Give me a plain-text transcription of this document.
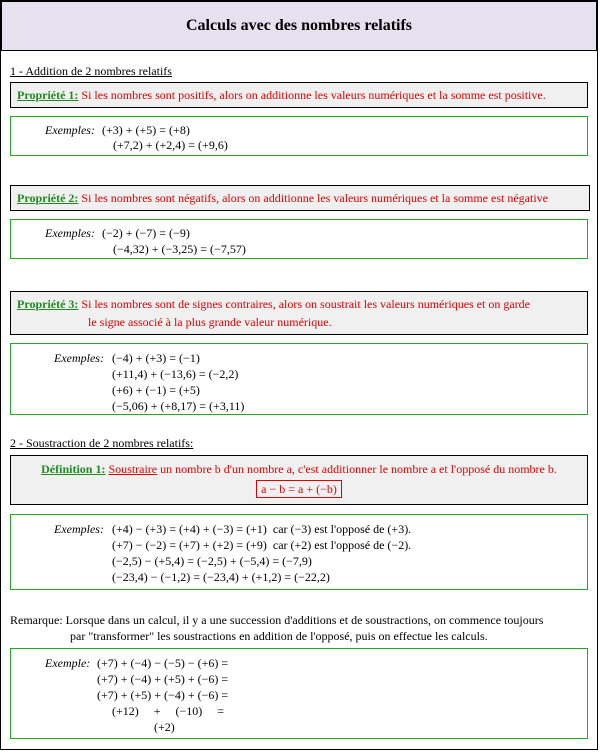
Calculs avec des nombres relatifs
1 - Addition de 2 nombres relatifs
Propriété 1: Si les nombres sont positifs, alors on additionne les valeurs numériques et la somme est positive.
Exemples: (+3) + (+5) = (+8)
(+7,2) + (+2,4) = (+9,6)
Propriété 2: Si les nombres sont négatifs, alors on additionne les valeurs numériques et la somme est négative
Exemples: (−2) + (−7) = (−9)
(−4,32) + (−3,25) = (−7,57)
Propriété 3: Si les nombres sont de signes contraires, alors on soustrait les valeurs numériques et on garde
le signe associé à la plus grande valeur numérique.
Exemples: (−4) + (+3) = (−1)
(+11,4) + (−13,6) = (−2,2)
(+6) + (−1) = (+5)
(−5,06) + (+8,17) = (+3,11)
2 - Soustraction de 2 nombres relatifs:
Définition 1: Soustraire un nombre b d'un nombre a, c'est additionner le nombre a et l'opposé du nombre b.
a − b = a + (−b)
Exemples: (+4) − (+3) = (+4) + (−3) = (+1)  car (−3) est l'opposé de (+3).
(+7) − (−2) = (+7) + (+2) = (+9)  car (+2) est l'opposé de (−2).
(−2,5) − (+5,4) = (−2,5) + (−5,4) = (−7,9)
(−23,4) − (−1,2) = (−23,4) + (+1,2) = (−22,2)
Remarque: Lorsque dans un calcul, il y a une succession d'additions et de soustractions, on commence toujours
par "transformer" les soustractions en addition de l'opposé, puis on effectue les calculs.
Exemple: (+7) + (−4) − (−5) − (+6) =
(+7) + (−4) + (+5) + (−6) =
(+7) + (+5) + (−4) + (−6) =
(+12)     +     (−10)     =
(+2)
